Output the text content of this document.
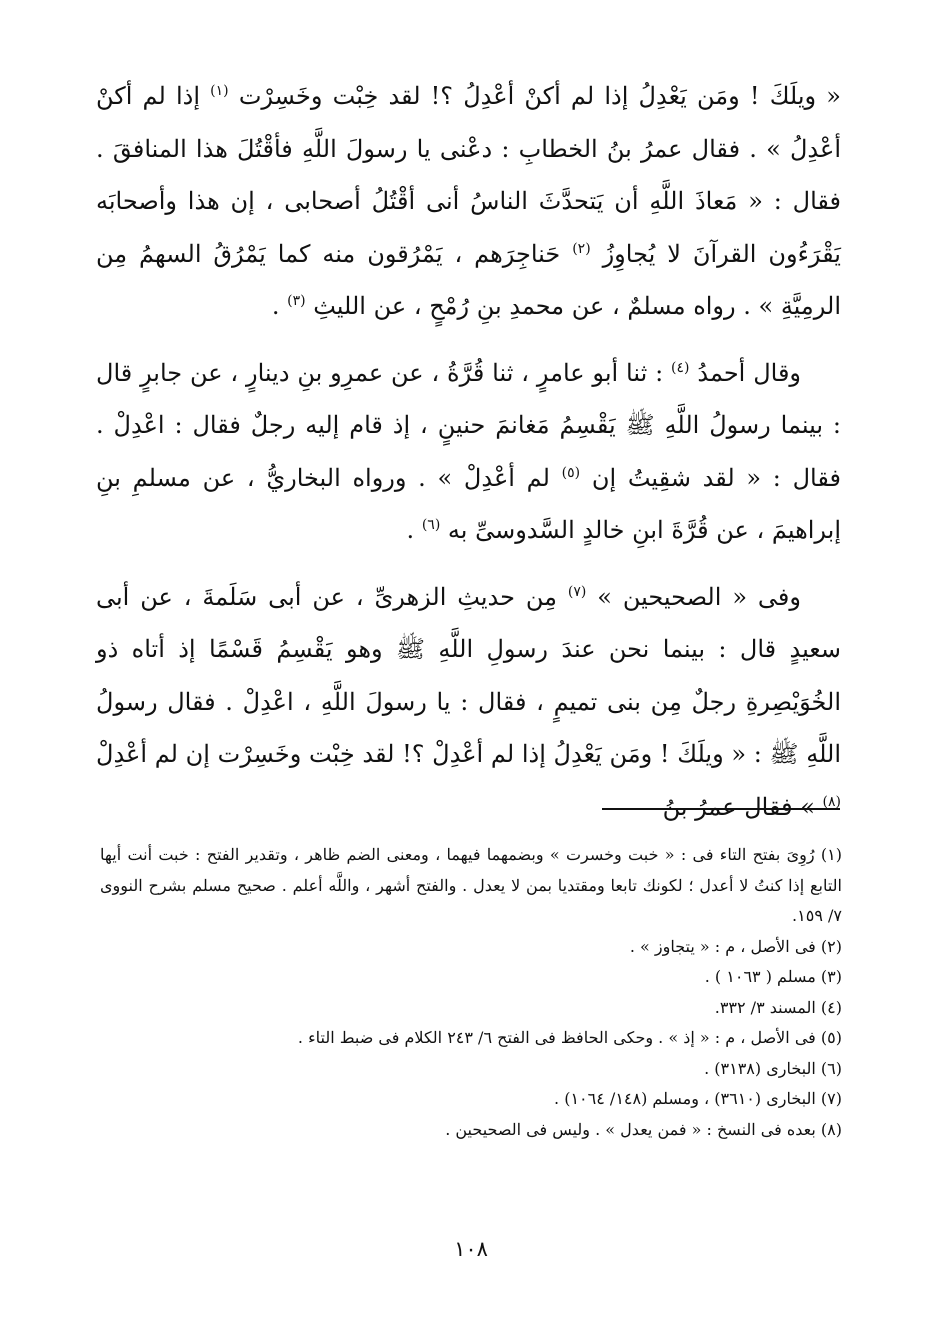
« ويلَكَ ! ومَن يَعْدِلُ إذا لم أكنْ أعْدِلُ ؟! لقد خِبْت وخَسِرْت $^{(١)}$ إذا لم أكنْ أعْدِلُ » . فقال عمرُ بنُ الخطابِ : دعْنى يا رسولَ اللَّهِ فأقْتُلَ هذا المنافقَ . فقال : « مَعاذَ اللَّهِ أن يَتحدَّثَ الناسُ أنى أقْتُلُ أصحابى ، إن هذا وأصحابَه يَقْرَءُون القرآنَ لا يُجاوِزُ $^{(٢)}$ حَناجِرَهم ، يَمْرُقون منه كما يَمْرُقُ السهمُ مِن الرمِيَّةِ » . رواه مسلمٌ ، عن محمدِ بنِ رُمْحٍ ، عن الليثِ $^{(٣)}$ .

وقال أحمدُ $^{(٤)}$ : ثنا أبو عامرٍ ، ثنا قُرَّةُ ، عن عمرِو بنِ دينارٍ ، عن جابرٍ قال : بينما رسولُ اللَّهِ ﷺ يَقْسِمُ مَغانمَ حنينٍ ، إذ قام إليه رجلٌ فقال : اعْدِلْ . فقال : « لقد شقِيتُ إن $^{(٥)}$ لم أعْدِلْ » . ورواه البخاريُّ ، عن مسلمِ بنِ إبراهيمَ ، عن قُرَّةَ ابنِ خالدٍ السَّدوسىِّ به $^{(٦)}$ .

وفى « الصحيحين » $^{(٧)}$ مِن حديثِ الزهرىِّ ، عن أبى سَلَمةَ ، عن أبى سعيدٍ قال : بينما نحن عندَ رسولِ اللَّهِ ﷺ وهو يَقْسِمُ قَسْمًا إذ أتاه ذو الخُوَيْصِرةِ رجلٌ مِن بنى تميمٍ ، فقال : يا رسولَ اللَّهِ ، اعْدِلْ . فقال رسولُ اللَّهِ ﷺ : « ويلَكَ ! ومَن يَعْدِلُ إذا لم أعْدِلْ ؟! لقد خِبْت وخَسِرْت إن لم أعْدِلْ $^{(٨)}$ » فقال عمرُ بنُ

(١) رُوِىَ بفتح التاء فى : « خبت وخسرت » وبضمهما فيهما ، ومعنى الضم ظاهر ، وتقدير الفتح : خبت أنت أيها التابع إذا كنتُ لا أعدل ؛ لكونك تابعا ومقتديا بمن لا يعدل . والفتح أشهر ، واللَّه أعلم . صحيح مسلم بشرح النووى ٧/ ١٥٩.

(٢) فى الأصل ، م : « يتجاوز » .

(٣) مسلم ( ١٠٦٣ ) .

(٤) المسند ٣/ ٣٣٢.

(٥) فى الأصل ، م : « إذ » . وحكى الحافظ فى الفتح ٦/ ٢٤٣ الكلام فى ضبط التاء .

(٦) البخارى (٣١٣٨) .

(٧) البخارى (٣٦١٠) ، ومسلم (١٤٨/ ١٠٦٤) .

(٨) بعده فى النسخ : « فمن يعدل » . وليس فى الصحيحين .

١٠٨
